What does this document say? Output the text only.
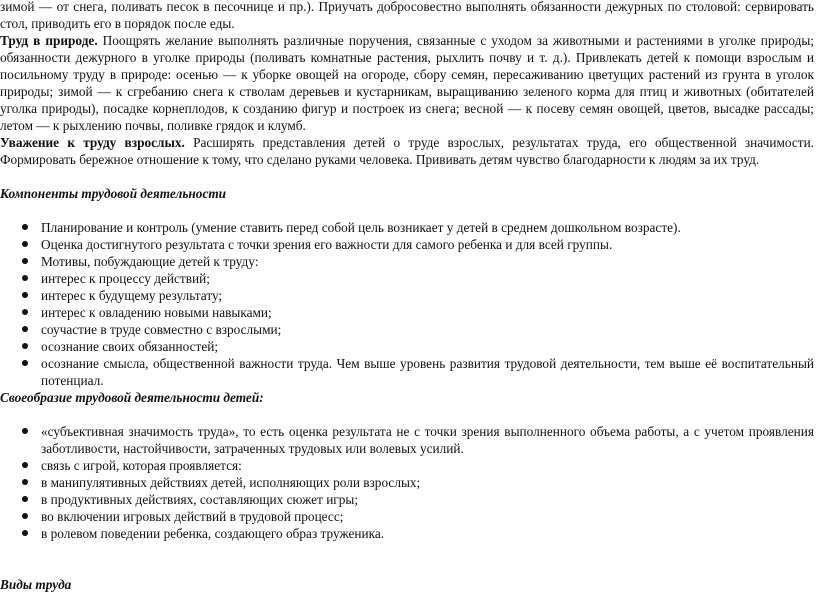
зимой — от снега, поливать песок в песочнице и пр.). Приучать добросовестно выполнять обязанности дежурных по столовой: сервировать стол, приводить его в порядок после еды.

Труд в природе. Поощрять желание выполнять различные поручения, связанные с уходом за животными и растениями в уголке природы; обязанности дежурного в уголке природы (поливать комнатные растения, рыхлить почву и т. д.). Привлекать детей к помощи взрослым и посильному труду в природе: осенью — к уборке овощей на огороде, сбору семян, пересаживанию цветущих растений из грунта в уголок природы; зимой — к сгребанию снега к стволам деревьев и кустарникам, выращиванию зеленого корма для птиц и животных (обитателей уголка природы), посадке корнеплодов, к созданию фигур и построек из снега; весной — к посеву семян овощей, цветов, высадке рассады; летом — к рыхлению почвы, поливке грядок и клумб.

Уважение к труду взрослых. Расширять представления детей о труде взрослых, результатах труда, его общественной значимости. Формировать бережное отношение к тому, что сделано руками человека. Прививать детям чувство благодарности к людям за их труд.

Компоненты трудовой деятельности

Планирование и контроль (умение ставить перед собой цель возникает у детей в среднем дошкольном возрасте).
Оценка достигнутого результата с точки зрения его важности для самого ребенка и для всей группы.
Мотивы, побуждающие детей к труду:
интерес к процессу действий;
интерес к будущему результату;
интерес к овладению новыми навыками;
соучастие в труде совместно с взрослыми;
осознание своих обязанностей;
осознание смысла, общественной важности труда. Чем выше уровень развития трудовой деятельности, тем выше её воспитательный потенциал.

Своеобразие трудовой деятельности детей:

«субъективная значимость труда», то есть оценка результата не с точки зрения выполненного объема работы, а с учетом проявления заботливости, настойчивости, затраченных трудовых или волевых усилий.
связь с игрой, которая проявляется:
в манипулятивных действиях детей, исполняющих роли взрослых;
в продуктивных действиях, составляющих сюжет игры;
во включении игровых действий в трудовой процесс;
в ролевом поведении ребенка, создающего образ труженика.

Виды труда
